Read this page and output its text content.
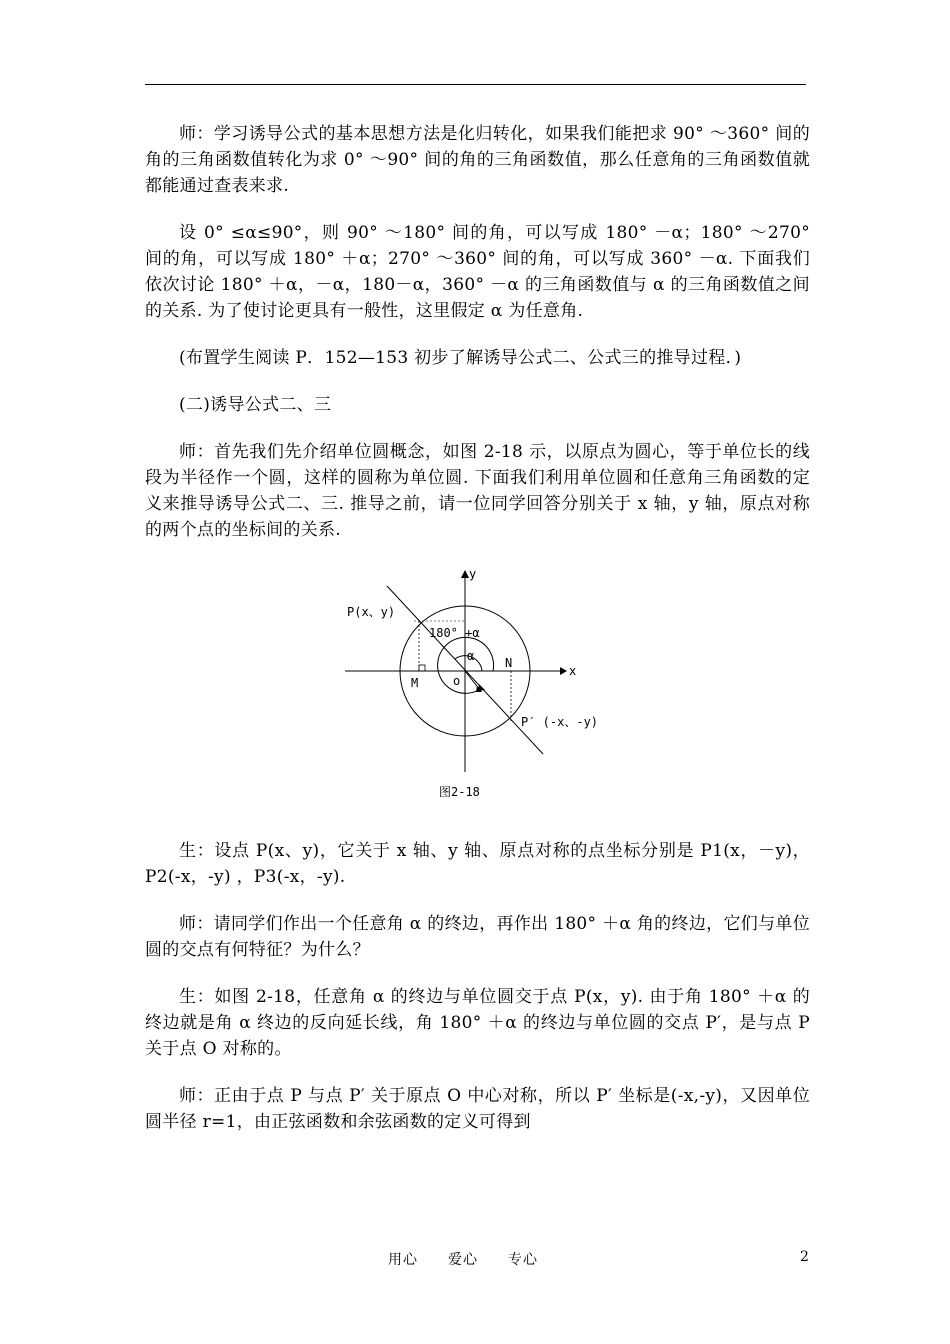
师：学习诱导公式的基本思想方法是化归转化，如果我们能把求 90° ～360° 间的角的三角函数值转化为求 0° ～90° 间的角的三角函数值，那么任意角的三角函数值就都能通过查表来求.

设 0° ≤α≤90°，则 90° ～180° 间的角，可以写成 180° －α；180° ～270° 间的角，可以写成 180° ＋α；270° ～360° 间的角，可以写成 360° －α. 下面我们依次讨论 180° ＋α，－α，180－α，360° －α 的三角函数值与 α 的三角函数值之间的关系. 为了使讨论更具有一般性，这里假定 α 为任意角.

(布置学生阅读 P．152—153 初步了解诱导公式二、公式三的推导过程．)

(二)诱导公式二、三

师：首先我们先介绍单位圆概念，如图 2-18 示，以原点为圆心，等于单位长的线段为半径作一个圆，这样的圆称为单位圆. 下面我们利用单位圆和任意角三角函数的定义来推导诱导公式二、三. 推导之前，请一位同学回答分别关于 x 轴，y 轴，原点对称的两个点的坐标间的关系.

y
x
P(x、y)
180° +α
α	N
M	o
P′ (-x、-y)
图2-18

生：设点 P(x、y)，它关于 x 轴、y 轴、原点对称的点坐标分别是 P1(x，－y)，P2(-x，-y) ，P3(-x，-y).

师：请同学们作出一个任意角 α 的终边，再作出 180° ＋α 角的终边，它们与单位圆的交点有何特征？为什么？

生：如图 2-18，任意角 α 的终边与单位圆交于点 P(x，y). 由于角 180° ＋α 的终边就是角 α 终边的反向延长线，角 180° ＋α 的终边与单位圆的交点 P′，是与点 P 关于点 O 对称的。

师：正由于点 P 与点 P′ 关于原点 O 中心对称，所以 P′ 坐标是(-x,-y)，又因单位圆半径 r=1，由正弦函数和余弦函数的定义可得到

用心 爱心 专心	2
